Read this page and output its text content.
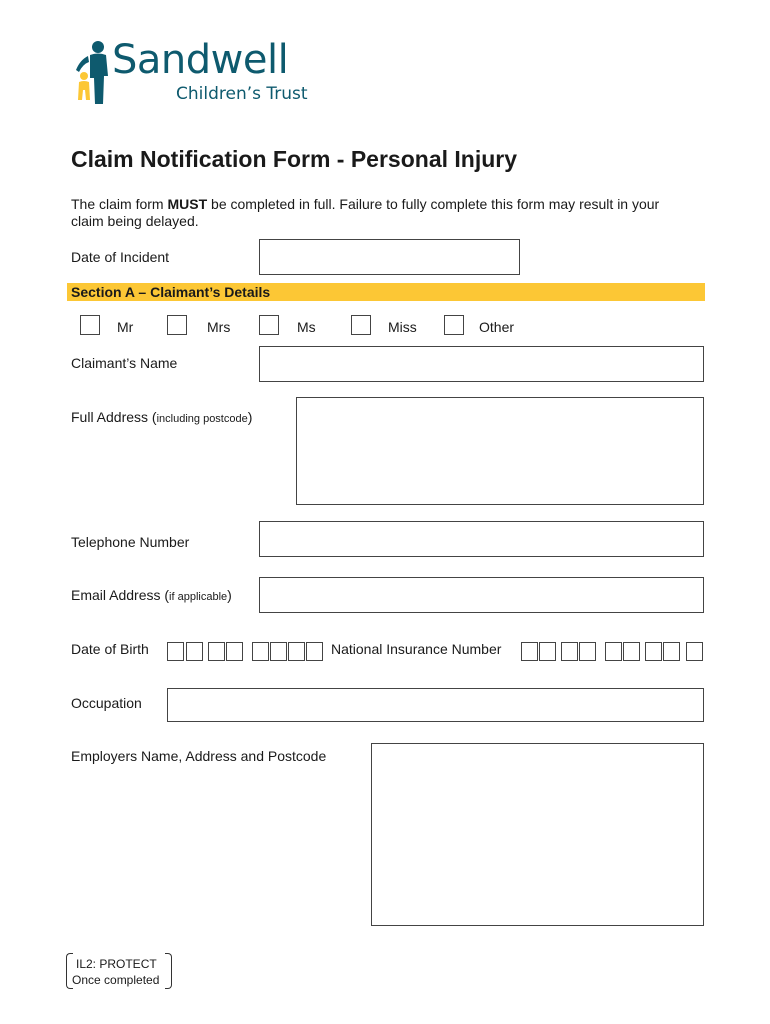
Sandwell
Children’s Trust
Claim Notification Form - Personal Injury
The claim form MUST be completed in full. Failure to fully complete this form may result in your claim being delayed.
Date of Incident
Section A – Claimant’s Details
Mr	Mrs	Ms	Miss	Other
Claimant’s Name
Full Address (including postcode)
Telephone Number
Email Address (if applicable)
Date of Birth	National Insurance Number
Occupation
Employers Name, Address and Postcode
IL2: PROTECT
Once completed
